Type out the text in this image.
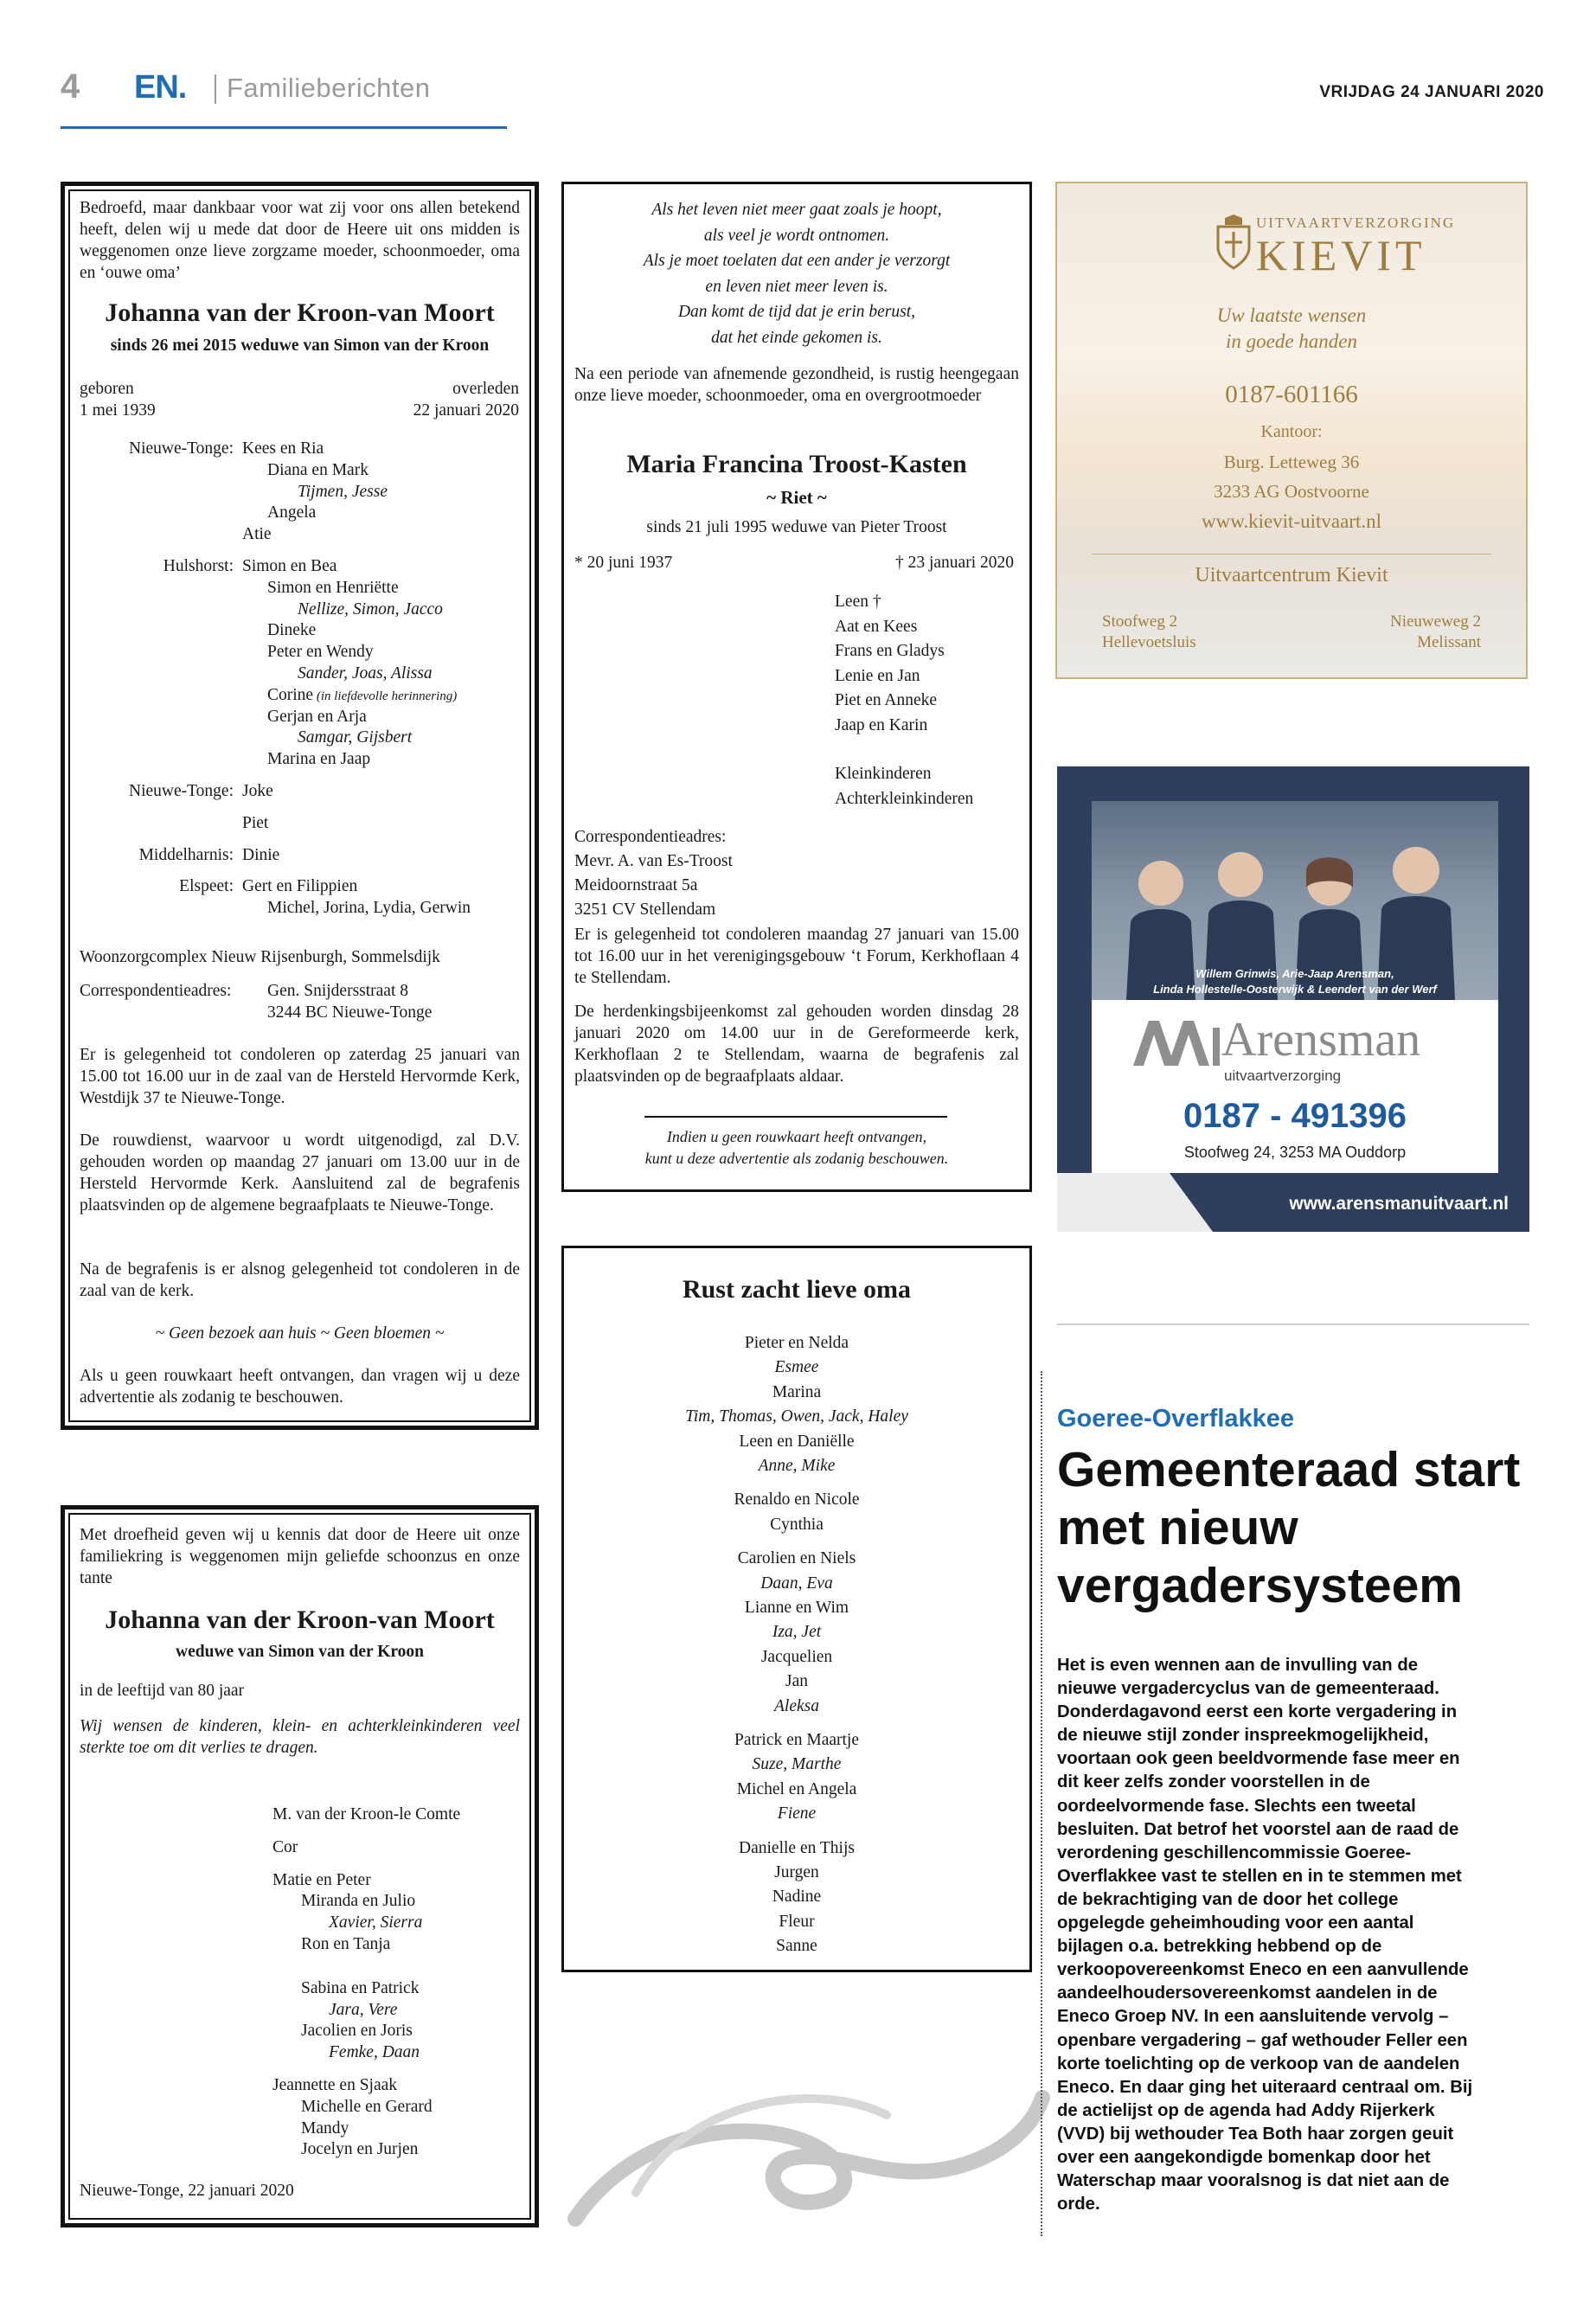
4 EN. Familieberichten	VRIJDAG 24 JANUARI 2020
Bedroefd, maar dankbaar voor wat zij voor ons allen betekend heeft, delen wij u mede dat door de Heere uit ons midden is weggenomen onze lieve zorgzame moeder, schoonmoeder, oma en ‘ouwe oma’
Johanna van der Kroon-van Moort
sinds 26 mei 2015 weduwe van Simon van der Kroon
geboren
1 mei 1939
overleden
22 januari 2020
Nieuwe-Tonge: Kees en Ria
Diana en Mark
Tijmen, Jesse
Angela
Atie
Hulshorst: Simon en Bea
Simon en Henriëtte
Nellize, Simon, Jacco
Dineke
Peter en Wendy
Sander, Joas, Alissa
Corine (in liefdevolle herinnering)
Gerjan en Arja
Samgar, Gijsbert
Marina en Jaap
Nieuwe-Tonge: Joke
Piet
Middelharnis: Dinie
Elspeet: Gert en Filippien
Michel, Jorina, Lydia, Gerwin
Woonzorgcomplex Nieuw Rijsenburgh, Sommelsdijk
Correspondentieadres: Gen. Snijdersstraat 8
3244 BC Nieuwe-Tonge
Er is gelegenheid tot condoleren op zaterdag 25 januari van 15.00 tot 16.00 uur in de zaal van de Hersteld Hervormde Kerk, Westdijk 37 te Nieuwe-Tonge.
De rouwdienst, waarvoor u wordt uitgenodigd, zal D.V. gehouden worden op maandag 27 januari om 13.00 uur in de Hersteld Hervormde Kerk. Aansluitend zal de begrafenis plaatsvinden op de algemene begraafplaats te Nieuwe-Tonge.
Na de begrafenis is er alsnog gelegenheid tot condoleren in de zaal van de kerk.
~ Geen bezoek aan huis ~ Geen bloemen ~
Als u geen rouwkaart heeft ontvangen, dan vragen wij u deze advertentie als zodanig te beschouwen.
Met droefheid geven wij u kennis dat door de Heere uit onze familiekring is weggenomen mijn geliefde schoonzus en onze tante
Johanna van der Kroon-van Moort
weduwe van Simon van der Kroon
in de leeftijd van 80 jaar
Wij wensen de kinderen, klein- en achterkleinkinderen veel sterkte toe om dit verlies te dragen.
M. van der Kroon-le Comte
Cor
Matie en Peter
Miranda en Julio
Xavier, Sierra
Ron en Tanja
Sabina en Patrick
Jara, Vere
Jacolien en Joris
Femke, Daan
Jeannette en Sjaak
Michelle en Gerard
Mandy
Jocelyn en Jurjen
Nieuwe-Tonge, 22 januari 2020
Als het leven niet meer gaat zoals je hoopt,
als veel je wordt ontnomen.
Als je moet toelaten dat een ander je verzorgt
en leven niet meer leven is.
Dan komt de tijd dat je erin berust,
dat het einde gekomen is.
Na een periode van afnemende gezondheid, is rustig heengegaan onze lieve moeder, schoonmoeder, oma en overgrootmoeder
Maria Francina Troost-Kasten
~ Riet ~
sinds 21 juli 1995 weduwe van Pieter Troost
* 20 juni 1937	† 23 januari 2020
Leen †
Aat en Kees
Frans en Gladys
Lenie en Jan
Piet en Anneke
Jaap en Karin
Kleinkinderen
Achterkleinkinderen
Correspondentieadres:
Mevr. A. van Es-Troost
Meidoornstraat 5a
3251 CV Stellendam
Er is gelegenheid tot condoleren maandag 27 januari van 15.00 tot 16.00 uur in het verenigingsgebouw ‘t Forum, Kerkhoflaan 4 te Stellendam.
De herdenkingsbijeenkomst zal gehouden worden dinsdag 28 januari 2020 om 14.00 uur in de Gereformeerde kerk, Kerkhoflaan 2 te Stellendam, waarna de begrafenis zal plaatsvinden op de begraafplaats aldaar.
Indien u geen rouwkaart heeft ontvangen,
kunt u deze advertentie als zodanig beschouwen.
Rust zacht lieve oma
Pieter en Nelda
Esmee
Marina
Tim, Thomas, Owen, Jack, Haley
Leen en Daniëlle
Anne, Mike
Renaldo en Nicole
Cynthia
Carolien en Niels
Daan, Eva
Lianne en Wim
Iza, Jet
Jacquelien
Jan
Aleksa
Patrick en Maartje
Suze, Marthe
Michel en Angela
Fiene
Danielle en Thijs
Jurgen
Nadine
Fleur
Sanne
UITVAARTVERZORGING
KIEVIT
Uw laatste wensen
in goede handen
0187-601166
Kantoor:
Burg. Letteweg 36
3233 AG Oostvoorne
www.kievit-uitvaart.nl
Uitvaartcentrum Kievit
Stoofweg 2
Hellevoetsluis
Nieuweweg 2
Melissant
Willem Grinwis, Arie-Jaap Arensman,
Linda Hollestelle-Oosterwijk & Leendert van der Werf
Arensman
uitvaartverzorging
0187 - 491396
Stoofweg 24, 3253 MA Ouddorp
www.arensmanuitvaart.nl
Goeree-Overflakkee
Gemeenteraad start met nieuw vergadersysteem
Het is even wennen aan de invulling van de nieuwe vergadercyclus van de gemeenteraad. Donderdagavond eerst een korte vergadering in de nieuwe stijl zonder inspreekmogelijkheid, voortaan ook geen beeldvormende fase meer en dit keer zelfs zonder voorstellen in de oordeelvormende fase. Slechts een tweetal besluiten. Dat betrof het voorstel aan de raad de verordening geschillencommissie Goeree-Overflakkee vast te stellen en in te stemmen met de bekrachtiging van de door het college opgelegde geheimhouding voor een aantal bijlagen o.a. betrekking hebbend op de verkoopovereenkomst Eneco en een aanvullende aandeelhoudersovereenkomst aandelen in de Eneco Groep NV. In een aansluitende vervolg – openbare vergadering – gaf wethouder Feller een korte toelichting op de verkoop van de aandelen Eneco. En daar ging het uiteraard centraal om. Bij de actielijst op de agenda had Addy Rijerkerk (VVD) bij wethouder Tea Both haar zorgen geuit over een aangekondigde bomenkap door het Waterschap maar vooralsnog is dat niet aan de orde.
